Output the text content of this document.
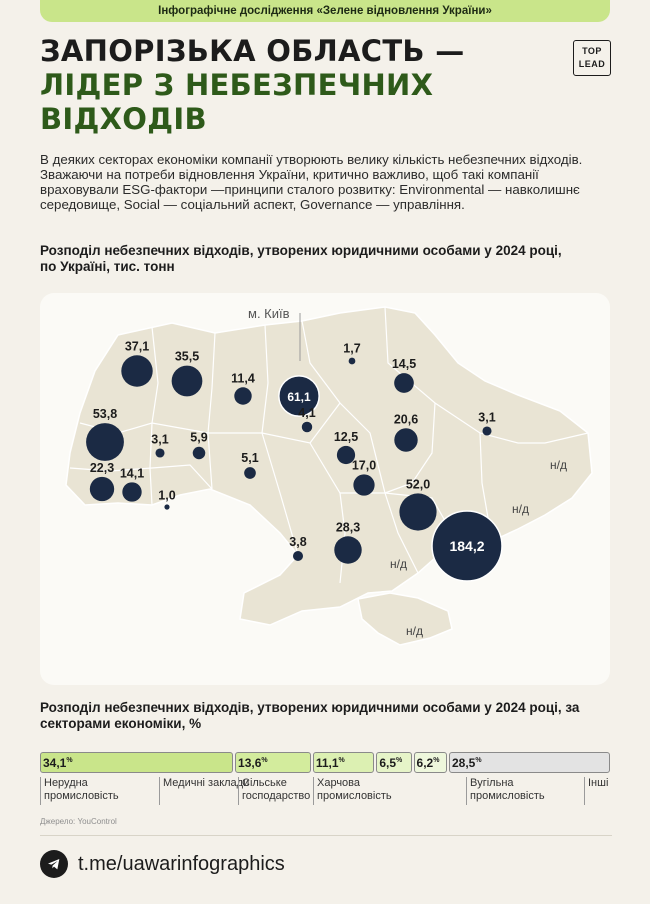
Інфографічне дослідження «Зелене відновлення України»
ЗАПОРІЗЬКА ОБЛАСТЬ —
ЛІДЕР З НЕБЕЗПЕЧНИХ
ВІДХОДІВ
TOP
LEAD

В деяких секторах економіки компанії утворюють велику кількість небезпечних відходів. Зважаючи на потреби відновлення України, критично важливо, щоб такі компанії враховували ESG-фактори —принципи сталого розвитку: Environmental — навколишнє середовище, Social — соціальний аспект, Governance — управління.

Розподіл небезпечних відходів, утворених юридичними особами у 2024 році, по Україні, тис. тонн
37,1
35,5
11,4
61,1
1,7
14,5
53,8
3,1 5,9
4,1
12,5
20,6	3,1
5,1
22,3 14,1
1,0
17,0
52,0
184,2
3,8
28,3
м. Київ
н/д
н/д
н/д
н/д
Розподіл небезпечних відходів, утворених юридичними особами у 2024 році, за секторами економіки, %
34,1%	13,6%	11,1%	6,5% 6,2% 28,5%
Нерудна промисловість
Медичні заклади
Сільське господарство
Харчова промисловість
Вугільна промисловість
Інші
Джерело: YouControl
t.me/uawarinfographics
